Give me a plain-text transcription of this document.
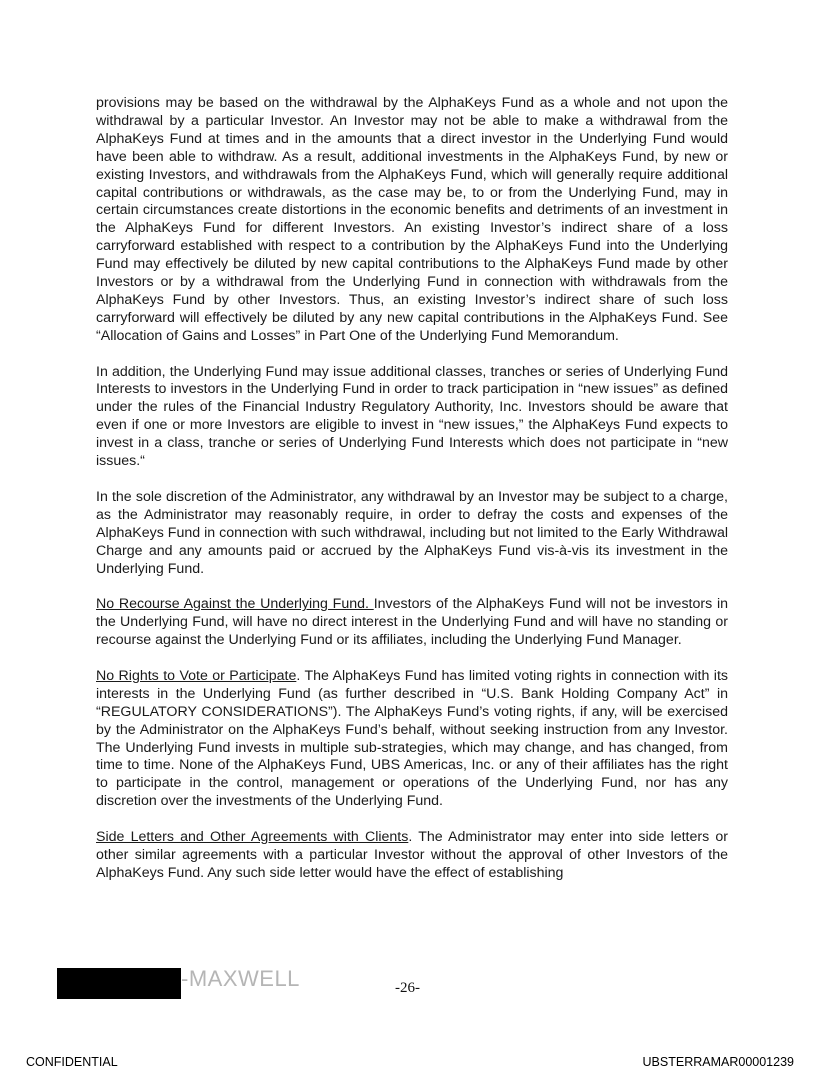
provisions may be based on the withdrawal by the AlphaKeys Fund as a whole and not upon the withdrawal by a particular Investor. An Investor may not be able to make a withdrawal from the AlphaKeys Fund at times and in the amounts that a direct investor in the Underlying Fund would have been able to withdraw. As a result, additional investments in the AlphaKeys Fund, by new or existing Investors, and withdrawals from the AlphaKeys Fund, which will generally require additional capital contributions or withdrawals, as the case may be, to or from the Underlying Fund, may in certain circumstances create distortions in the economic benefits and detriments of an investment in the AlphaKeys Fund for different Investors. An existing Investor’s indirect share of a loss carryforward established with respect to a contribution by the AlphaKeys Fund into the Underlying Fund may effectively be diluted by new capital contributions to the AlphaKeys Fund made by other Investors or by a withdrawal from the Underlying Fund in connection with withdrawals from the AlphaKeys Fund by other Investors. Thus, an existing Investor’s indirect share of such loss carryforward will effectively be diluted by any new capital contributions in the AlphaKeys Fund. See “Allocation of Gains and Losses” in Part One of the Underlying Fund Memorandum.

In addition, the Underlying Fund may issue additional classes, tranches or series of Underlying Fund Interests to investors in the Underlying Fund in order to track participation in “new issues” as defined under the rules of the Financial Industry Regulatory Authority, Inc. Investors should be aware that even if one or more Investors are eligible to invest in “new issues,” the AlphaKeys Fund expects to invest in a class, tranche or series of Underlying Fund Interests which does not participate in “new issues.“

In the sole discretion of the Administrator, any withdrawal by an Investor may be subject to a charge, as the Administrator may reasonably require, in order to defray the costs and expenses of the AlphaKeys Fund in connection with such withdrawal, including but not limited to the Early Withdrawal Charge and any amounts paid or accrued by the AlphaKeys Fund vis-à-vis its investment in the Underlying Fund.

No Recourse Against the Underlying Fund. Investors of the AlphaKeys Fund will not be investors in the Underlying Fund, will have no direct interest in the Underlying Fund and will have no standing or recourse against the Underlying Fund or its affiliates, including the Underlying Fund Manager.

No Rights to Vote or Participate. The AlphaKeys Fund has limited voting rights in connection with its interests in the Underlying Fund (as further described in “U.S. Bank Holding Company Act” in “REGULATORY CONSIDERATIONS”). The AlphaKeys Fund’s voting rights, if any, will be exercised by the Administrator on the AlphaKeys Fund’s behalf, without seeking instruction from any Investor. The Underlying Fund invests in multiple sub-strategies, which may change, and has changed, from time to time. None of the AlphaKeys Fund, UBS Americas, Inc. or any of their affiliates has the right to participate in the control, management or operations of the Underlying Fund, nor has any discretion over the investments of the Underlying Fund.

Side Letters and Other Agreements with Clients. The Administrator may enter into side letters or other similar agreements with a particular Investor without the approval of other Investors of the AlphaKeys Fund. Any such side letter would have the effect of establishing

-MAXWELL	-26-
CONFIDENTIAL	UBSTERRAMAR00001239
